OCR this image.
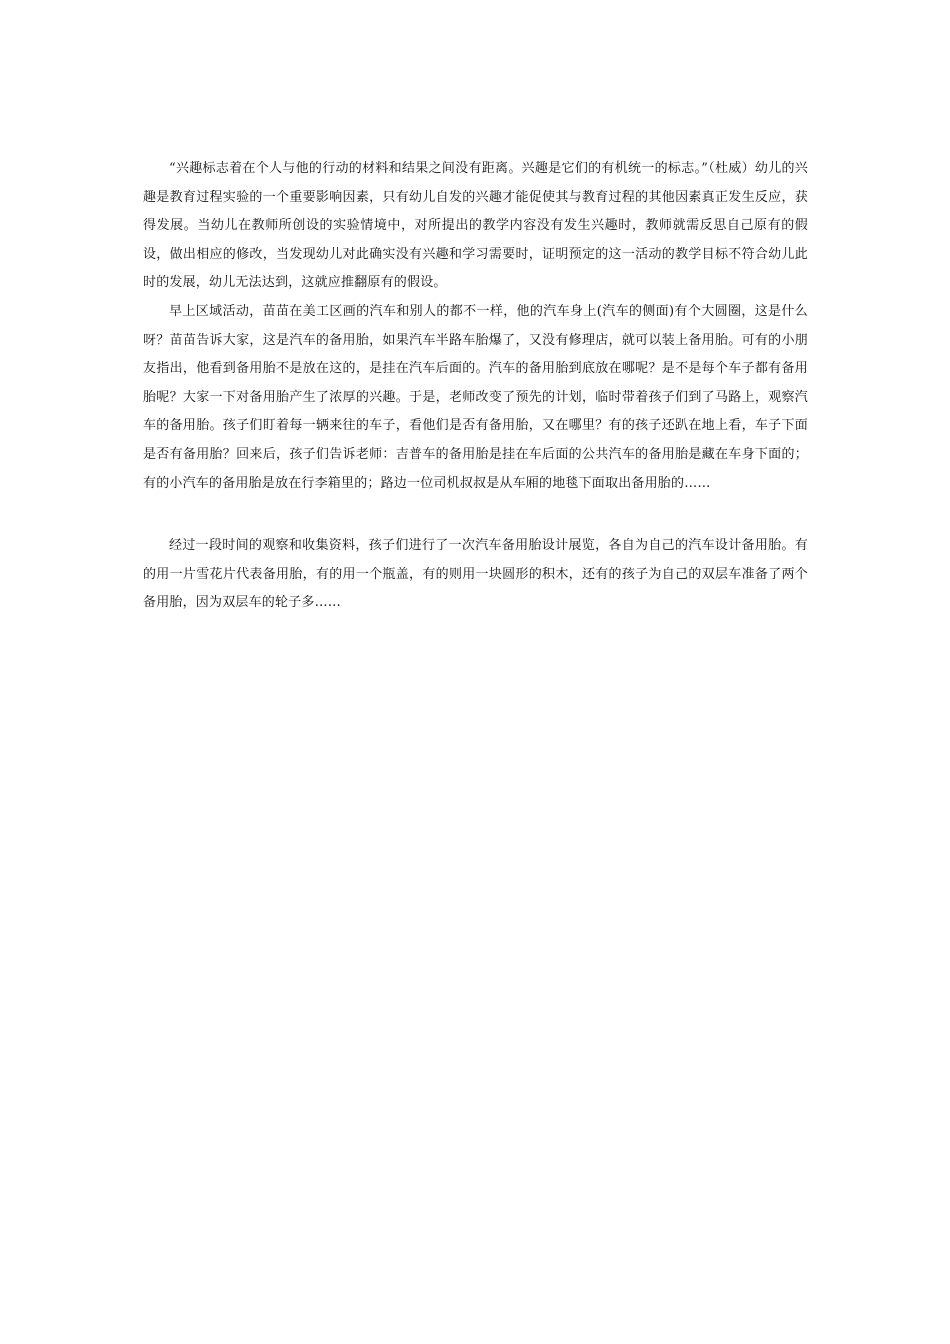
“兴趣标志着在个人与他的行动的材料和结果之间没有距离。兴趣是它们的有机统一的标志。”（杜威）幼儿的兴趣是教育过程实验的一个重要影响因素，只有幼儿自发的兴趣才能促使其与教育过程的其他因素真正发生反应，获得发展。当幼儿在教师所创设的实验情境中，对所提出的教学内容没有发生兴趣时，教师就需反思自己原有的假设，做出相应的修改，当发现幼儿对此确实没有兴趣和学习需要时，证明预定的这一活动的教学目标不符合幼儿此时的发展，幼儿无法达到，这就应推翻原有的假设。

早上区域活动，苗苗在美工区画的汽车和别人的都不一样，他的汽车身上(汽车的侧面)有个大圆圈，这是什么呀？苗苗告诉大家，这是汽车的备用胎，如果汽车半路车胎爆了，又没有修理店，就可以装上备用胎。可有的小朋友指出，他看到备用胎不是放在这的，是挂在汽车后面的。汽车的备用胎到底放在哪呢？是不是每个车子都有备用胎呢？大家一下对备用胎产生了浓厚的兴趣。于是，老师改变了预先的计划，临时带着孩子们到了马路上，观察汽车的备用胎。孩子们盯着每一辆来往的车子，看他们是否有备用胎，又在哪里？有的孩子还趴在地上看，车子下面是否有备用胎？回来后，孩子们告诉老师：吉普车的备用胎是挂在车后面的公共汽车的备用胎是藏在车身下面的；有的小汽车的备用胎是放在行李箱里的；路边一位司机叔叔是从车厢的地毯下面取出备用胎的……

经过一段时间的观察和收集资料，孩子们进行了一次汽车备用胎设计展览，各自为自己的汽车设计备用胎。有的用一片雪花片代表备用胎，有的用一个瓶盖，有的则用一块圆形的积木，还有的孩子为自己的双层车准备了两个备用胎，因为双层车的轮子多……
